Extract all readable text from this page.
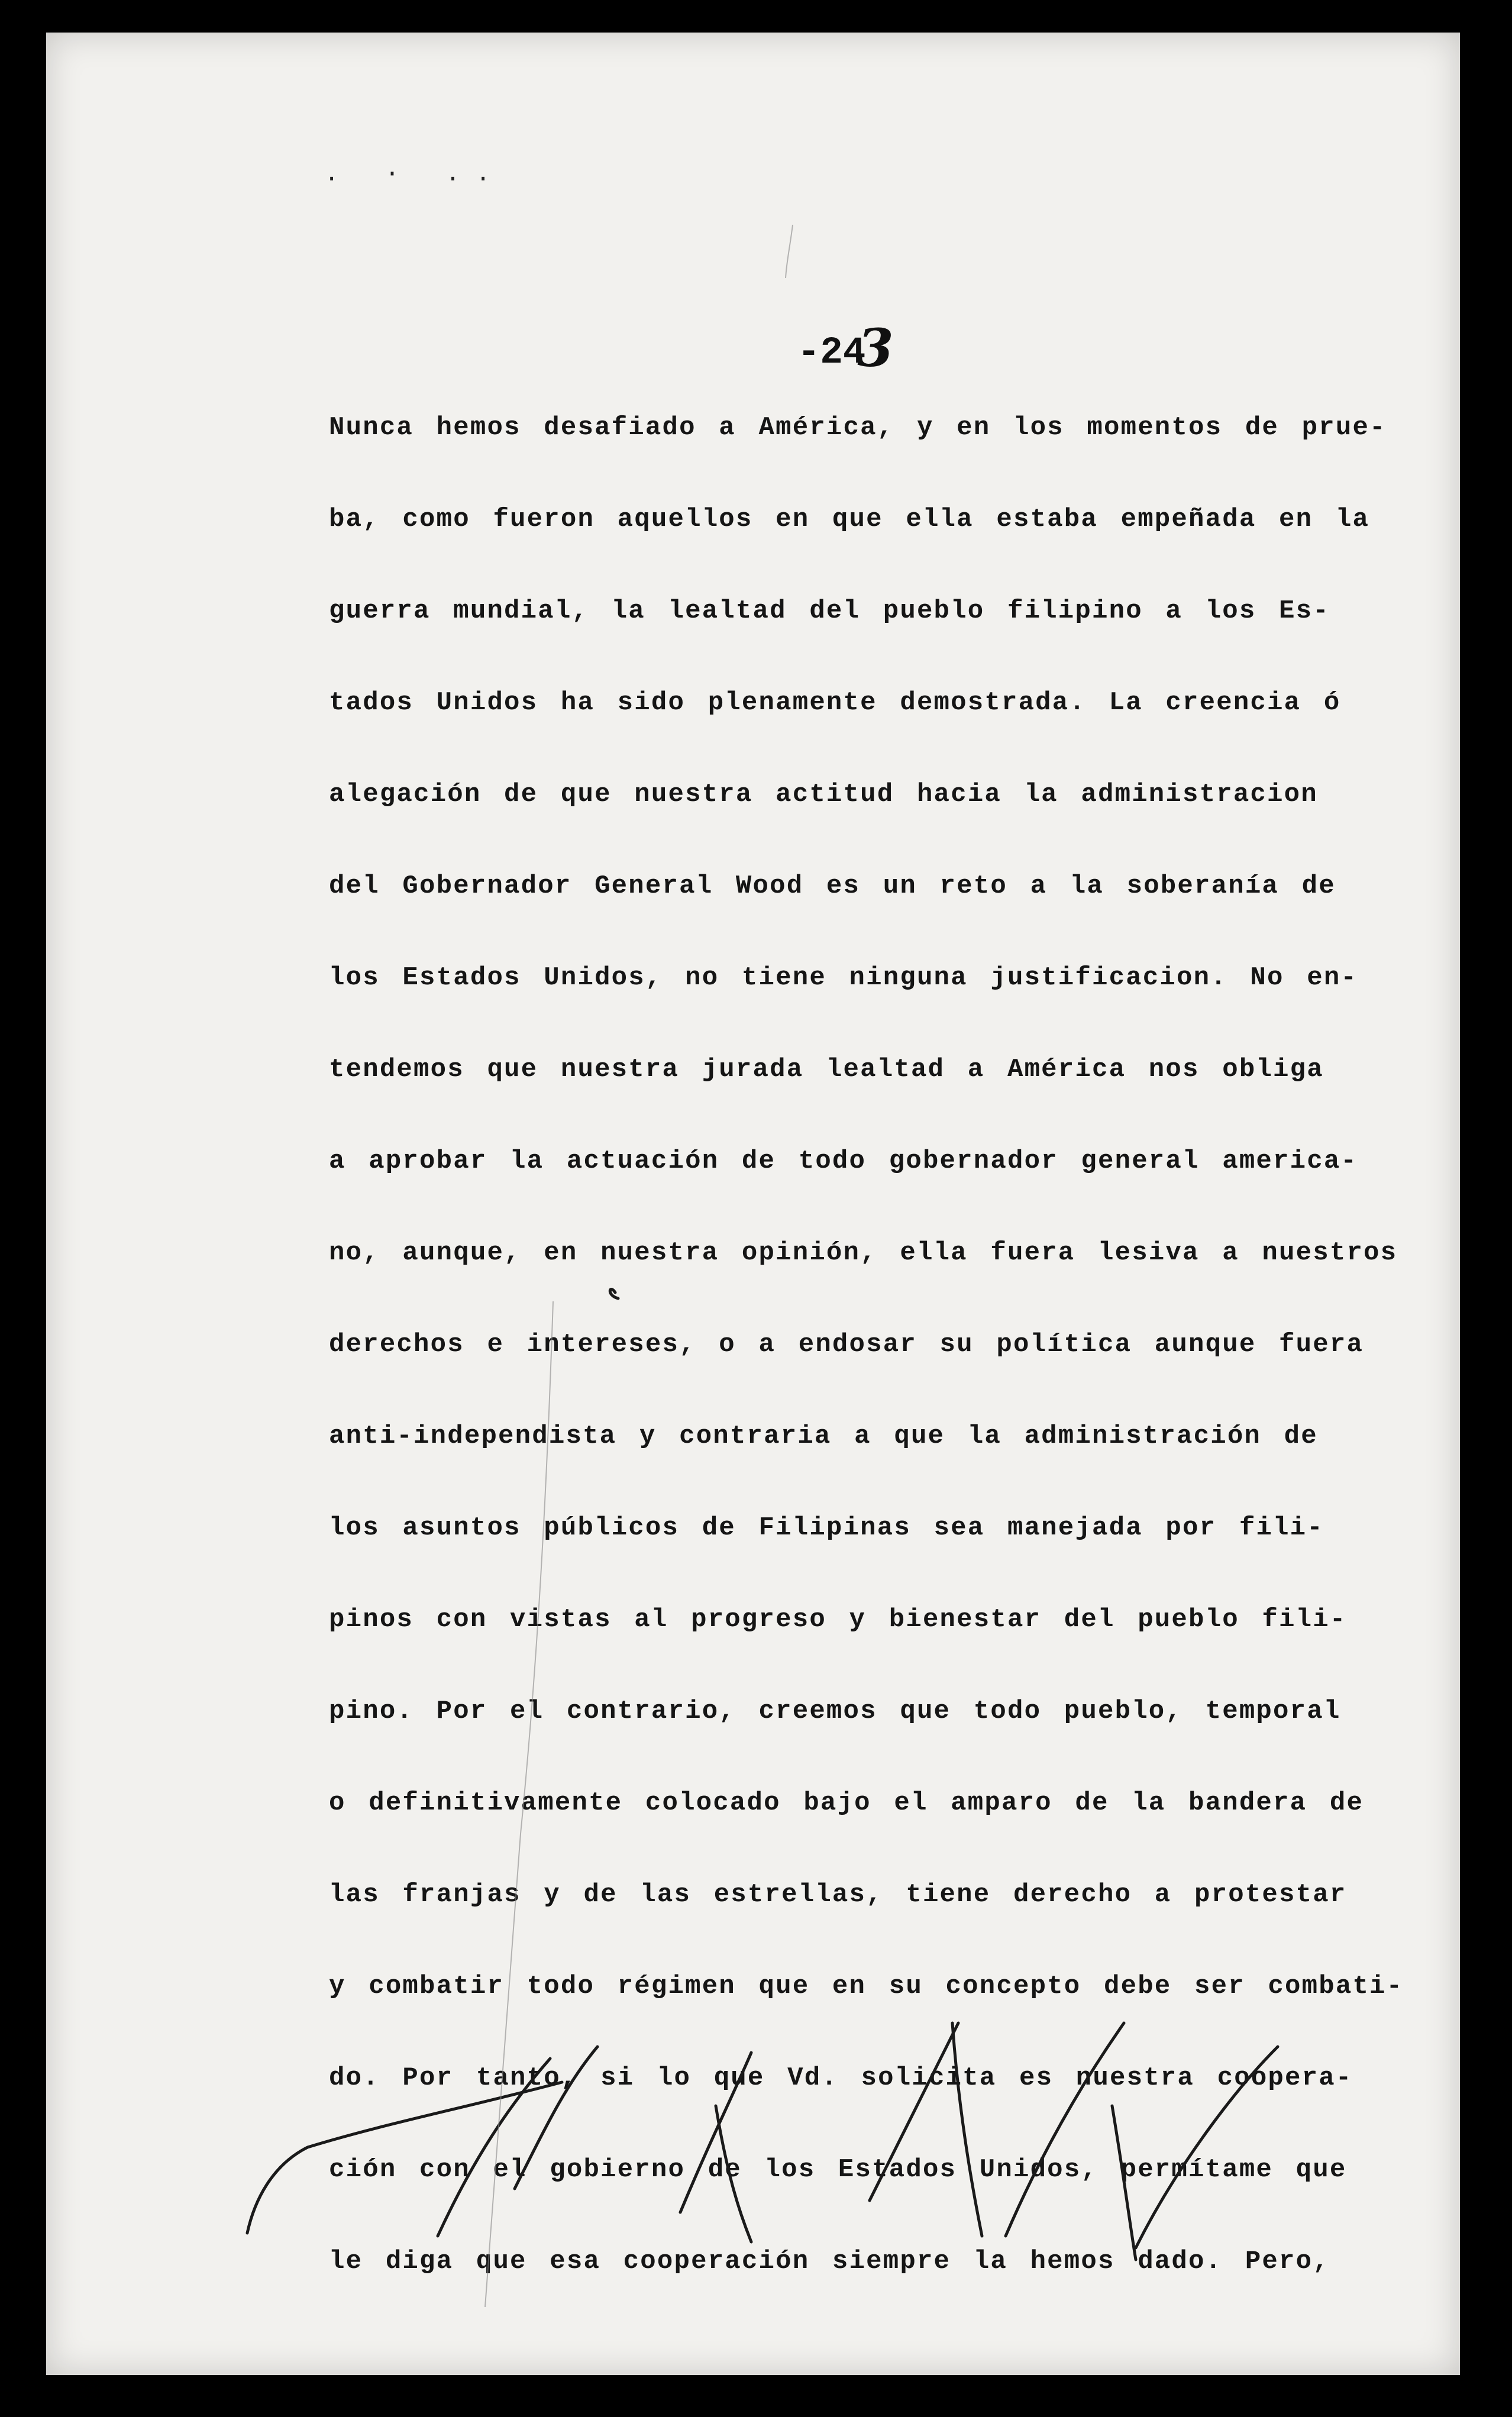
. · ..
-243
Nunca hemos desafiado a América, y en los momentos de prue-
ba, como fueron aquellos en que ella estaba empeñada en la
guerra mundial, la lealtad del pueblo filipino a los Es-
tados Unidos ha sido plenamente demostrada. La creencia ó
alegación de que nuestra actitud hacia la administracion
del Gobernador General Wood es un reto a la soberanía de
los Estados Unidos, no tiene ninguna justificacion. No en-
tendemos que nuestra jurada lealtad a América nos obliga
a aprobar la actuación de todo gobernador general america-
no, aunque, en nuestra opinión, ella fuera lesiva a nuestros
derechos e intereses, o a endosar su política aunque fuera
anti-independista y contraria a que la administración de
los asuntos públicos de Filipinas sea manejada por fili-
pinos con vistas al progreso y bienestar del pueblo fili-
pino. Por el contrario, creemos que todo pueblo, temporal
o definitivamente colocado bajo el amparo de la bandera de
las franjas y de las estrellas, tiene derecho a protestar
y combatir todo régimen que en su concepto debe ser combati-
do. Por tanto, si lo que Vd. solicita es nuestra coopera-
ción con el gobierno de los Estados Unidos, permítame que
le diga que esa cooperación siempre la hemos dado. Pero,
